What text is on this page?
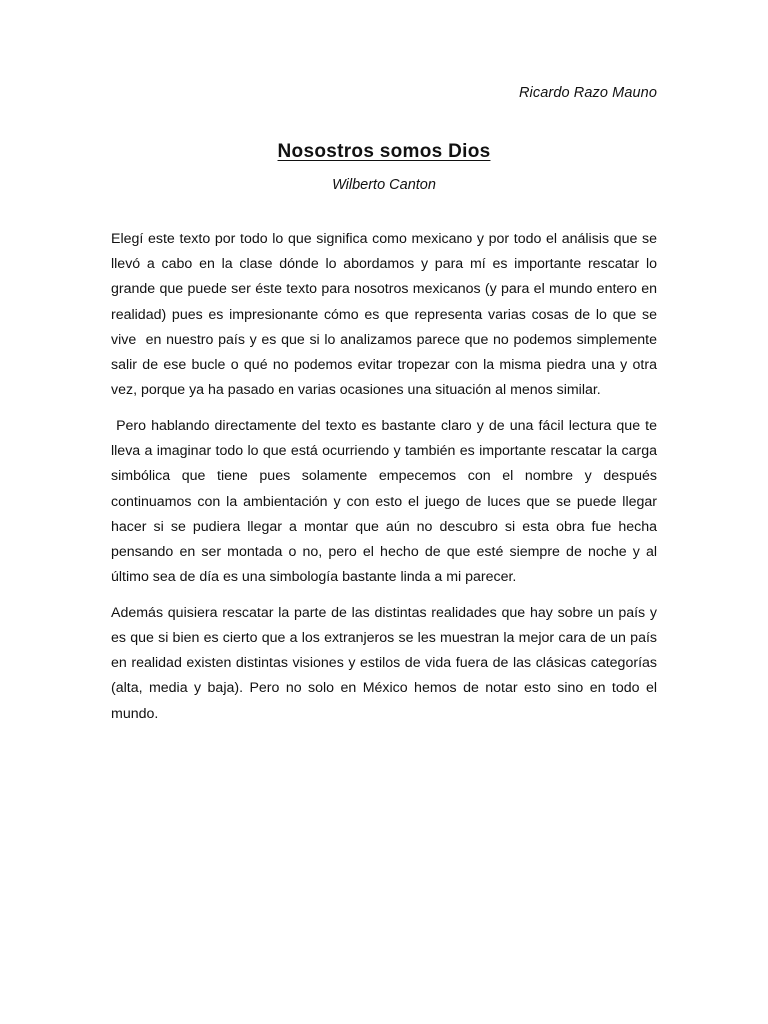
Ricardo Razo Mauno
Nosostros somos Dios
Wilberto Canton

Elegí este texto por todo lo que significa como mexicano y por todo el análisis que se llevó a cabo en la clase dónde lo abordamos y para mí es importante rescatar lo grande que puede ser éste texto para nosotros mexicanos (y para el mundo entero en realidad) pues es impresionante cómo es que representa varias cosas de lo que se vive  en nuestro país y es que si lo analizamos parece que no podemos simplemente salir de ese bucle o qué no podemos evitar tropezar con la misma piedra una y otra vez, porque ya ha pasado en varias ocasiones una situación al menos similar.

Pero hablando directamente del texto es bastante claro y de una fácil lectura que te lleva a imaginar todo lo que está ocurriendo y también es importante rescatar la carga simbólica que tiene pues solamente empecemos con el nombre y después continuamos con la ambientación y con esto el juego de luces que se puede llegar hacer si se pudiera llegar a montar que aún no descubro si esta obra fue hecha pensando en ser montada o no, pero el hecho de que esté siempre de noche y al último sea de día es una simbología bastante linda a mi parecer.

Además quisiera rescatar la parte de las distintas realidades que hay sobre un país y es que si bien es cierto que a los extranjeros se les muestran la mejor cara de un país en realidad existen distintas visiones y estilos de vida fuera de las clásicas categorías (alta, media y baja). Pero no solo en México hemos de notar esto sino en todo el mundo.
